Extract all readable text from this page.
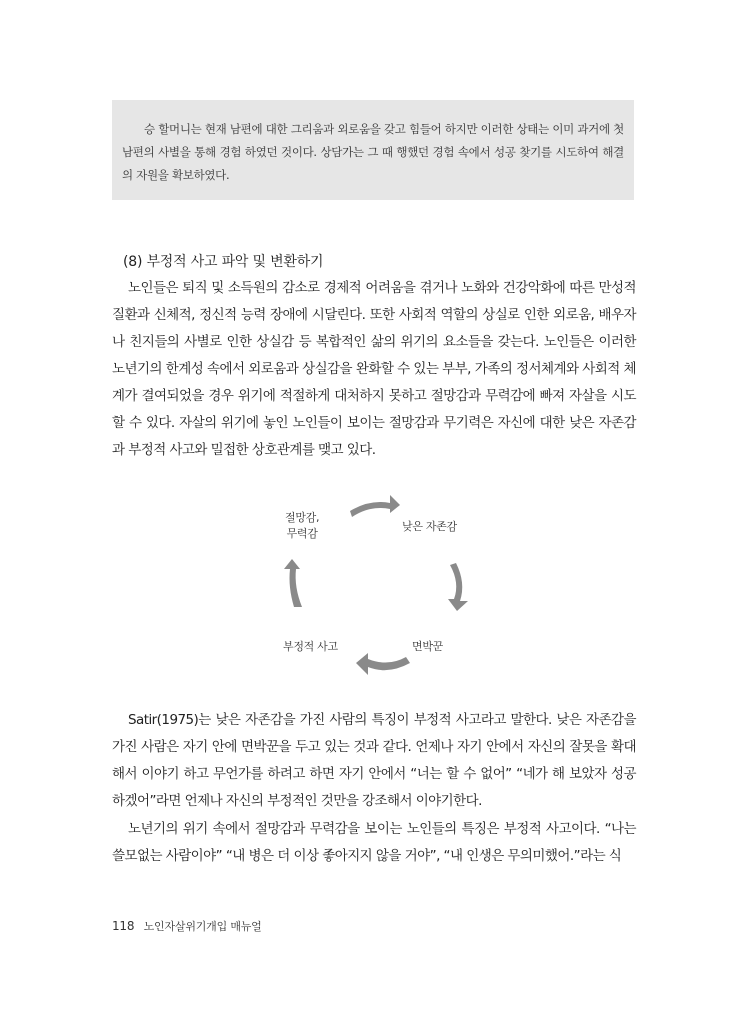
승 할머니는 현재 남편에 대한 그리움과 외로움을 갖고 힘들어 하지만 이러한 상태는 이미 과거에 첫 남편의 사별을 통해 경험 하였던 것이다. 상담가는 그 때 행했던 경험 속에서 성공 찾기를 시도하여 해결의 자원을 확보하였다.

(8) 부정적 사고 파악 및 변환하기

노인들은 퇴직 및 소득원의 감소로 경제적 어려움을 겪거나 노화와 건강악화에 따른 만성적 질환과 신체적, 정신적 능력 장애에 시달린다. 또한 사회적 역할의 상실로 인한 외로움, 배우자나 친지들의 사별로 인한 상실감 등 복합적인 삶의 위기의 요소들을 갖는다. 노인들은 이러한 노년기의 한계성 속에서 외로움과 상실감을 완화할 수 있는 부부, 가족의 정서체계와 사회적 체계가 결여되었을 경우 위기에 적절하게 대처하지 못하고 절망감과 무력감에 빠져 자살을 시도 할 수 있다. 자살의 위기에 놓인 노인들이 보이는 절망감과 무기력은 자신에 대한 낮은 자존감과 부정적 사고와 밀접한 상호관계를 맺고 있다.

절망감,
무력감
낮은 자존감
면박꾼
부정적 사고

Satir(1975)는 낮은 자존감을 가진 사람의 특징이 부정적 사고라고 말한다. 낮은 자존감을 가진 사람은 자기 안에 면박꾼을 두고 있는 것과 같다. 언제나 자기 안에서 자신의 잘못을 확대해서 이야기 하고 무언가를 하려고 하면 자기 안에서 “너는 할 수 없어” “네가 해 보았자 성공하겠어”라면 언제나 자신의 부정적인 것만을 강조해서 이야기한다.

노년기의 위기 속에서 절망감과 무력감을 보이는 노인들의 특징은 부정적 사고이다. “나는 쓸모없는 사람이야” “내 병은 더 이상 좋아지지 않을 거야”, “내 인생은 무의미했어.”라는 식

118 노인자살위기개입 매뉴얼
